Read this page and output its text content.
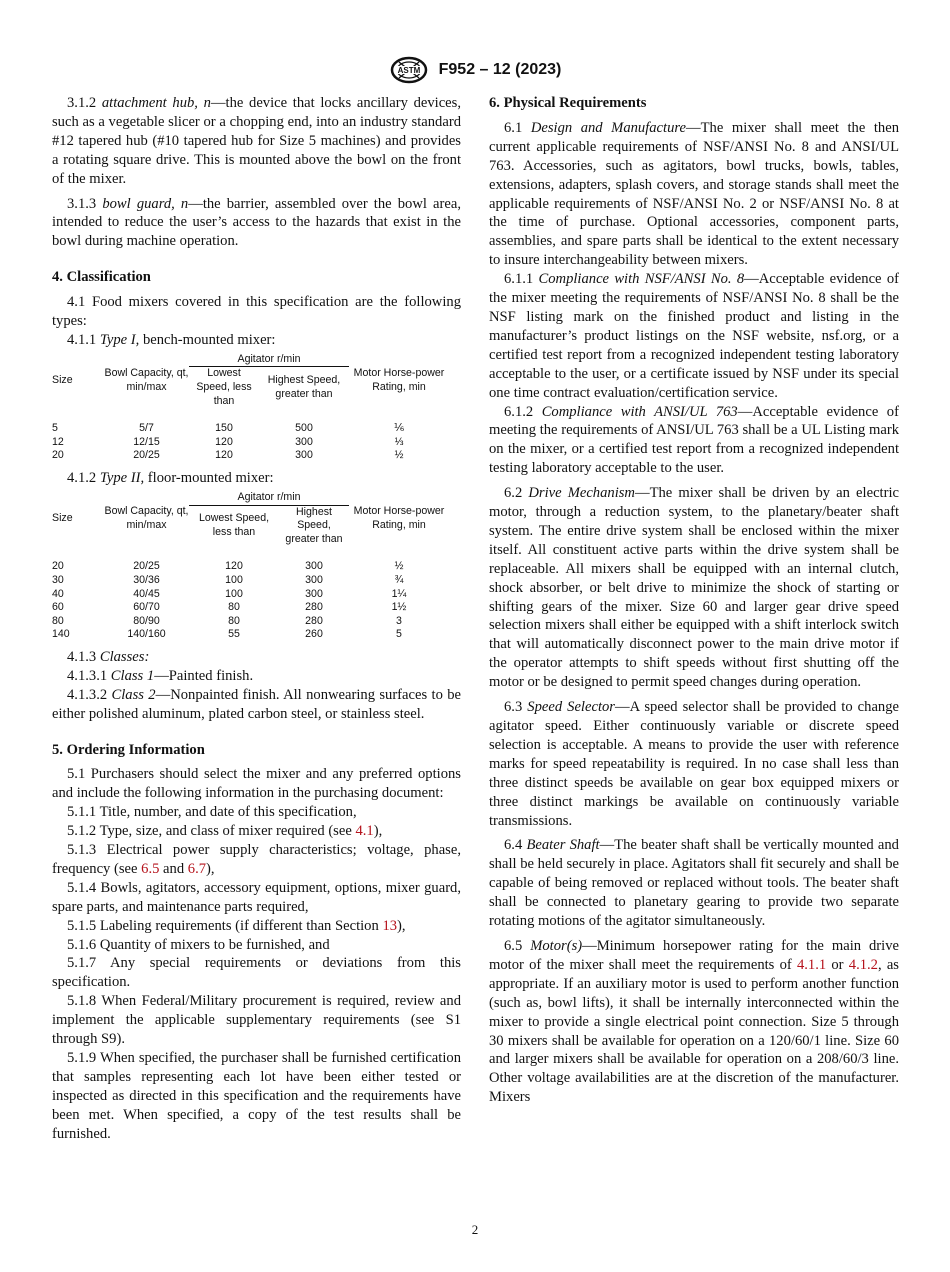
ASTM F952 – 12 (2023)

3.1.2 attachment hub, n—the device that locks ancillary devices, such as a vegetable slicer or a chopping end, into an industry standard #12 tapered hub (#10 tapered hub for Size 5 machines) and provides a rotating square drive. This is mounted above the bowl on the front of the mixer.

3.1.3 bowl guard, n—the barrier, assembled over the bowl area, intended to reduce the user’s access to the hazards that exist in the bowl during machine operation.

4. Classification

4.1 Food mixers covered in this specification are the following types:

4.1.1 Type I, bench-mounted mixer:

Size	Bowl Capacity, qt, min/max	Agitator r/min		Motor Horse-power Rating, min
		Lowest Speed, less than	Highest Speed, greater than	

5	5/7	150	500	⅙
12	12/15	120	300	⅓
20	20/25	120	300	½

4.1.2 Type II, floor-mounted mixer:

Size	Bowl Capacity, qt, min/max	Agitator r/min		Motor Horse-power Rating, min
		Lowest Speed, less than	Highest Speed, greater than	

20	20/25	120	300	½
30	30/36	100	300	¾
40	40/45	100	300	1¼
60	60/70	80	280	1½
80	80/90	80	280	3
140	140/160	55	260	5

4.1.3 Classes:

4.1.3.1 Class 1—Painted finish.

4.1.3.2 Class 2—Nonpainted finish. All nonwearing surfaces to be either polished aluminum, plated carbon steel, or stainless steel.

5. Ordering Information

5.1 Purchasers should select the mixer and any preferred options and include the following information in the purchasing document:

5.1.1 Title, number, and date of this specification,

5.1.2 Type, size, and class of mixer required (see 4.1),

5.1.3 Electrical power supply characteristics; voltage, phase, frequency (see 6.5 and 6.7),

5.1.4 Bowls, agitators, accessory equipment, options, mixer guard, spare parts, and maintenance parts required,

5.1.5 Labeling requirements (if different than Section 13),

5.1.6 Quantity of mixers to be furnished, and

5.1.7 Any special requirements or deviations from this specification.

5.1.8 When Federal/Military procurement is required, review and implement the applicable supplementary requirements (see S1 through S9).

5.1.9 When specified, the purchaser shall be furnished certification that samples representing each lot have been either tested or inspected as directed in this specification and the requirements have been met. When specified, a copy of the test results shall be furnished.

6. Physical Requirements

6.1 Design and Manufacture—The mixer shall meet the then current applicable requirements of NSF/ANSI No. 8 and ANSI/UL 763. Accessories, such as agitators, bowl trucks, bowls, tables, extensions, adapters, splash covers, and storage stands shall meet the applicable requirements of NSF/ANSI No. 2 or NSF/ANSI No. 8 at the time of purchase. Optional accessories, component parts, assemblies, and spare parts shall be identical to the extent necessary to insure interchangeability between mixers.

6.1.1 Compliance with NSF/ANSI No. 8—Acceptable evidence of the mixer meeting the requirements of NSF/ANSI No. 8 shall be the NSF listing mark on the finished product and listing in the manufacturer’s product listings on the NSF website, nsf.org, or a certified test report from a recognized independent testing laboratory acceptable to the user, or a certificate issued by NSF under its special one time contract evaluation/certification service.

6.1.2 Compliance with ANSI/UL 763—Acceptable evidence of meeting the requirements of ANSI/UL 763 shall be a UL Listing mark on the mixer, or a certified test report from a recognized independent testing laboratory acceptable to the user.

6.2 Drive Mechanism—The mixer shall be driven by an electric motor, through a reduction system, to the planetary/beater shaft system. The entire drive system shall be enclosed within the mixer itself. All constituent active parts within the drive system shall be replaceable. All mixers shall be equipped with an internal clutch, shock absorber, or belt drive to minimize the shock of starting or shifting gears of the mixer. Size 60 and larger gear drive speed selection mixers shall either be equipped with a shift interlock switch that will automatically disconnect power to the main drive motor if the operator attempts to shift speeds without first shutting off the motor or be designed to permit speed changes during operation.

6.3 Speed Selector—A speed selector shall be provided to change agitator speed. Either continuously variable or discrete speed selection is acceptable. A means to provide the user with reference marks for speed repeatability is required. In no case shall less than three distinct speeds be available on gear box equipped mixers or three distinct markings be available on continuously variable transmissions.

6.4 Beater Shaft—The beater shaft shall be vertically mounted and shall be held securely in place. Agitators shall fit securely and shall be capable of being removed or replaced without tools. The beater shaft shall be connected to planetary gearing to provide two separate rotating motions of the agitator simultaneously.

6.5 Motor(s)—Minimum horsepower rating for the main drive motor of the mixer shall meet the requirements of 4.1.1 or 4.1.2, as appropriate. If an auxiliary motor is used to perform another function (such as, bowl lifts), it shall be internally interconnected within the mixer to provide a single electrical point connection. Size 5 through 30 mixers shall be available for operation on a 120/60/1 line. Size 60 and larger mixers shall be available for operation on a 208/60/3 line. Other voltage availabilities are at the discretion of the manufacturer. Mixers

2
